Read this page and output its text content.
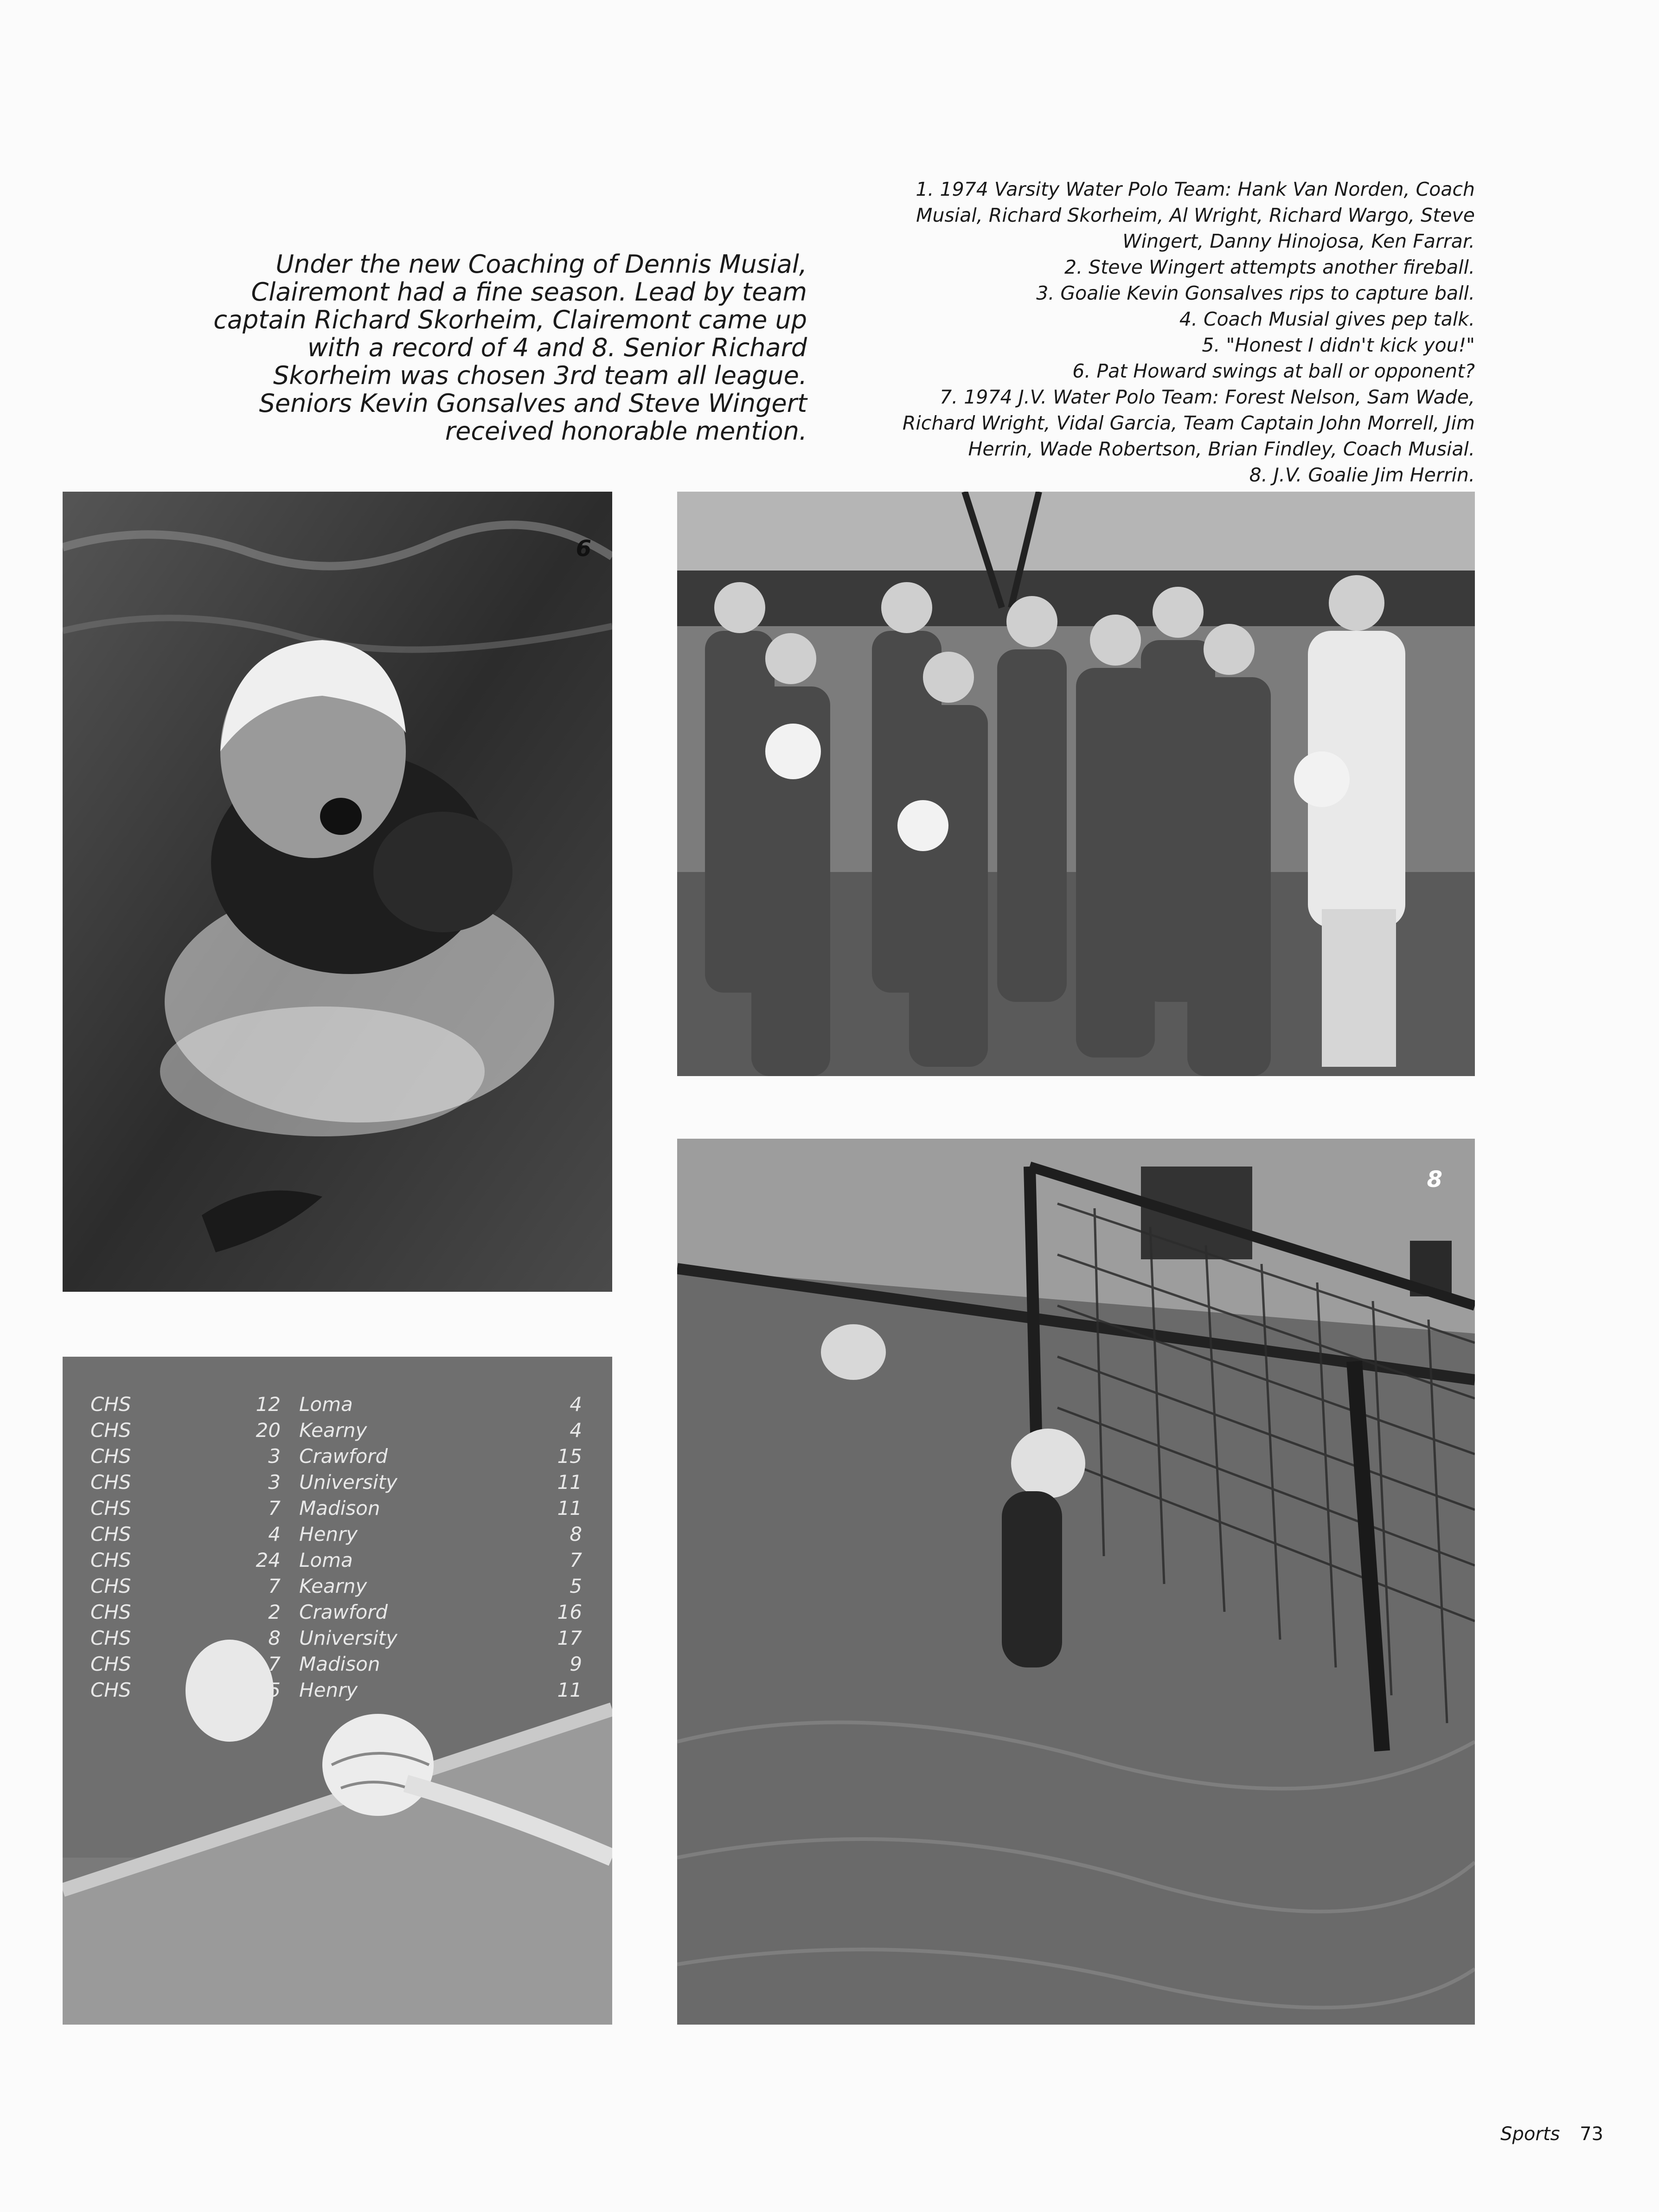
Under the new Coaching of Dennis Musial, Clairemont had a fine season. Lead by team captain Richard Skorheim, Clairemont came up with a record of 4 and 8. Senior Richard Skorheim was chosen 3rd team all league. Seniors Kevin Gonsalves and Steve Wingert received honorable mention.
1. 1974 Varsity Water Polo Team: Hank Van Norden, Coach Musial, Richard Skorheim, Al Wright, Richard Wargo, Steve Wingert, Danny Hinojosa, Ken Farrar.
2. Steve Wingert attempts another fireball.
3. Goalie Kevin Gonsalves rips to capture ball.
4. Coach Musial gives pep talk.
5. "Honest I didn't kick you!"
6. Pat Howard swings at ball or opponent?
7. 1974 J.V. Water Polo Team: Forest Nelson, Sam Wade, Richard Wright, Vidal Garcia, Team Captain John Morrell, Jim Herrin, Wade Robertson, Brian Findley, Coach Musial.
8. J.V. Goalie Jim Herrin.
6
CHS	12	Loma	4
CHS	20	Kearny	4
CHS	3	Crawford	15
CHS	3	University	11
CHS	7	Madison	11
CHS	4	Henry	8
CHS	24	Loma	7
CHS	7	Kearny	5
CHS	2	Crawford	16
CHS	8	University	17
CHS	7	Madison	9
CHS	5	Henry	11
8
Sports 73
